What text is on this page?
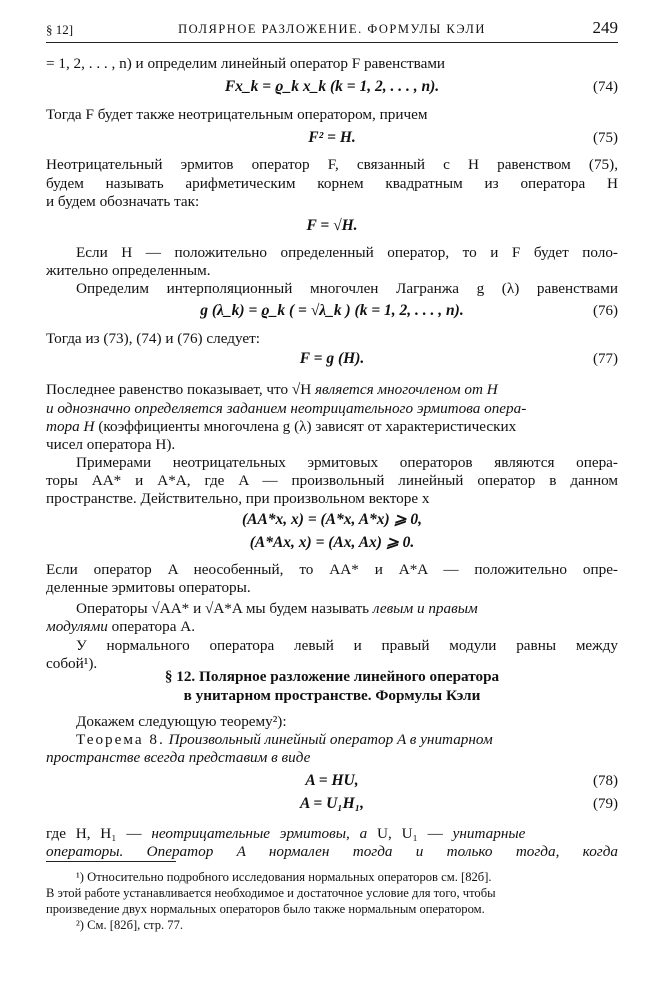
§ 12]	ПОЛЯРНОЕ РАЗЛОЖЕНИЕ. ФОРМУЛЫ КЭЛИ	249
= 1, 2, . . . , n) и определим линейный оператор F равенствами
Fx_k = ϱ_k x_k (k = 1, 2, . . . , n).	(74)
Тогда F будет также неотрицательным оператором, причем
F² = H.	(75)
Неотрицательный эрмитов оператор F, связанный с H равенством (75),
будем называть арифметическим корнем квадратным из оператора H
и будем обозначать так:
F = √H.
Если H — положительно определенный оператор, то и F будет поло-
жительно определенным.
Определим интерполяционный многочлен Лагранжа g (λ) равенствами
g (λ_k) = ϱ_k ( = √λ_k ) (k = 1, 2, . . . , n).	(76)
Тогда из (73), (74) и (76) следует:
F = g (H).	(77)
Последнее равенство показывает, что √H является многочленом от H
и однозначно определяется заданием неотрицательного эрмитова опера-
тора H (коэффициенты многочлена g (λ) зависят от характеристических
чисел оператора H).
Примерами неотрицательных эрмитовых операторов являются опера-
торы AA* и A*A, где A — произвольный линейный оператор в данном
пространстве. Действительно, при произвольном векторе x
(AA*x, x) = (A*x, A*x) ⩾ 0,
(A*Ax, x) = (Ax, Ax) ⩾ 0.
Если оператор A неособенный, то AA* и A*A — положительно опре-
деленные эрмитовы операторы.
Операторы √AA* и √A*A мы будем называть левым и правым
модулями оператора A.
У нормального оператора левый и правый модули равны между
собой¹).
§ 12. Полярное разложение линейного оператора
в унитарном пространстве. Формулы Кэли
Докажем следующую теорему²):
Теорема 8. Произвольный линейный оператор A в унитарном
пространстве всегда представим в виде
A = HU,	(78)
A = U₁H₁,	(79)
где H, H₁ — неотрицательные эрмитовы, а U, U₁ — унитарные
операторы. Оператор A нормален тогда и только тогда, когда
¹) Относительно подробного исследования нормальных операторов см. [82б].
В этой работе устанавливается необходимое и достаточное условие для того, чтобы
произведение двух нормальных операторов было также нормальным оператором.
²) См. [82б], стр. 77.
